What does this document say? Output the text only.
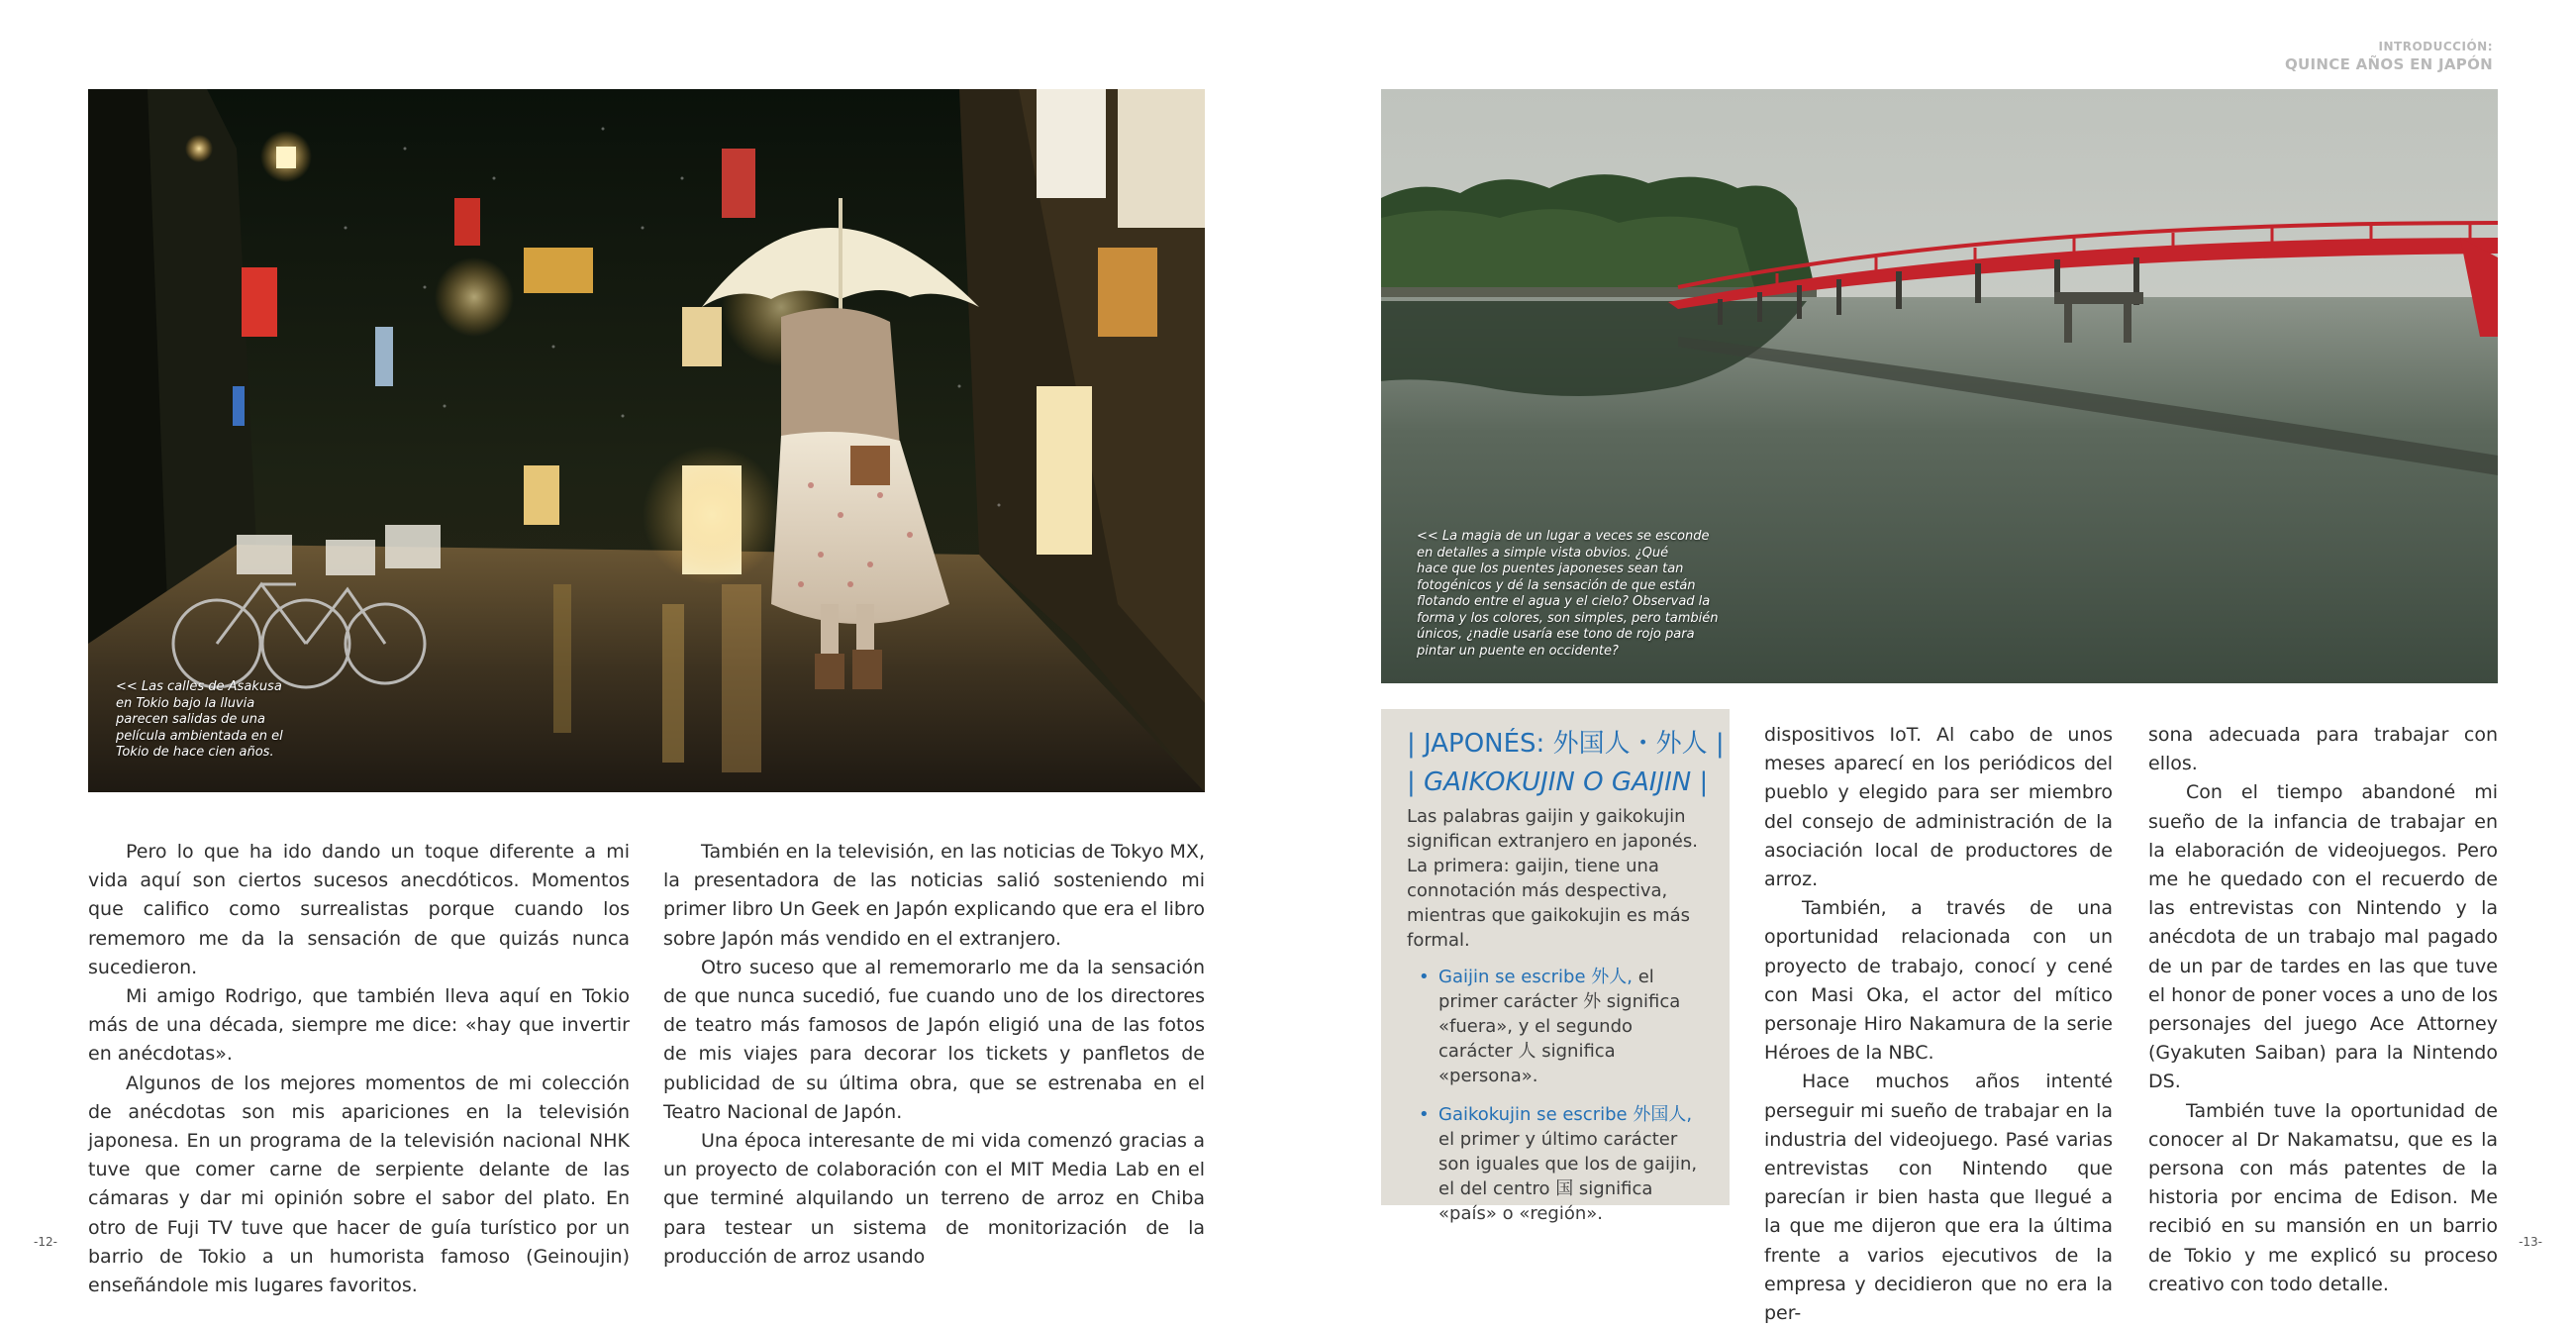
INTRODUCCIÓN:
QUINCE AÑOS EN JAPÓN
<< Las calles de Asakusa
en Tokio bajo la lluvia
parecen salidas de una
película ambientada en el
Tokio de hace cien años.
<< La magia de un lugar a veces se esconde
en detalles a simple vista obvios. ¿Qué
hace que los puentes japoneses sean tan
fotogénicos y dé la sensación de que están
flotando entre el agua y el cielo? Observad la
forma y los colores, son simples, pero también
únicos, ¿nadie usaría ese tono de rojo para
pintar un puente en occidente?

Pero lo que ha ido dando un toque diferente a mi vida aquí son ciertos sucesos anecdóticos. Momentos que califico como surrealistas porque cuando los rememoro me da la sensación de que quizás nunca sucedieron.

Mi amigo Rodrigo, que también lleva aquí en Tokio más de una década, siempre me dice: «hay que invertir en anécdotas».

Algunos de los mejores momentos de mi colección de anécdotas son mis apariciones en la televisión japonesa. En un programa de la televisión nacional NHK tuve que comer carne de serpiente delante de las cámaras y dar mi opinión sobre el sabor del plato. En otro de Fuji TV tuve que hacer de guía turístico por un barrio de Tokio a un humorista famoso (Geinoujin) enseñándole mis lugares favoritos.

También en la televisión, en las noticias de Tokyo MX, la presentadora de las noticias salió sosteniendo mi primer libro Un Geek en Japón explicando que era el libro sobre Japón más vendido en el extranjero.

Otro suceso que al rememorarlo me da la sensación de que nunca sucedió, fue cuando uno de los directores de teatro más famosos de Japón eligió una de las fotos de mis viajes para decorar los tickets y panfletos de publicidad de su última obra, que se estrenaba en el Teatro Nacional de Japón.

Una época interesante de mi vida comenzó gracias a un proyecto de colaboración con el MIT Media Lab en el que terminé alquilando un terreno de arroz en Chiba para testear un sistema de monitorización de la producción de arroz usando

| JAPONÉS: 外国人・外人 |
| GAIKOKUJIN O GAIJIN |

Las palabras gaijin y gaikokujin significan extranjero en japonés. La primera: gaijin, tiene una connotación más despectiva, mientras que gaikokujin es más formal.

• Gaijin se escribe 外人, el primer carácter 外 significa «fuera», y el segundo carácter 人 significa «persona».
• Gaikokujin se escribe 外国人, el primer y último carácter son iguales que los de gaijin, el del centro 国 significa «país» o «región».

dispositivos IoT. Al cabo de unos meses aparecí en los periódicos del pueblo y elegido para ser miembro del consejo de administración de la asociación local de productores de arroz.

También, a través de una oportunidad relacionada con un proyecto de trabajo, conocí y cené con Masi Oka, el actor del mítico personaje Hiro Nakamura de la serie Héroes de la NBC.

Hace muchos años intenté perseguir mi sueño de trabajar en la industria del videojuego. Pasé varias entrevistas con Nintendo que parecían ir bien hasta que llegué a la que me dijeron que era la última frente a varios ejecutivos de la empresa y decidieron que no era la per-

sona adecuada para trabajar con ellos.

Con el tiempo abandoné mi sueño de la infancia de trabajar en la elaboración de videojuegos. Pero me he quedado con el recuerdo de las entrevistas con Nintendo y la anécdota de un trabajo mal pagado de un par de tardes en las que tuve el honor de poner voces a uno de los personajes del juego Ace Attorney (Gyakuten Saiban) para la Nintendo DS.

También tuve la oportunidad de conocer al Dr Nakamatsu, que es la persona con más patentes de la historia por encima de Edison. Me recibió en su mansión en un barrio de Tokio y me explicó su proceso creativo con todo detalle.

-12-	-13-
